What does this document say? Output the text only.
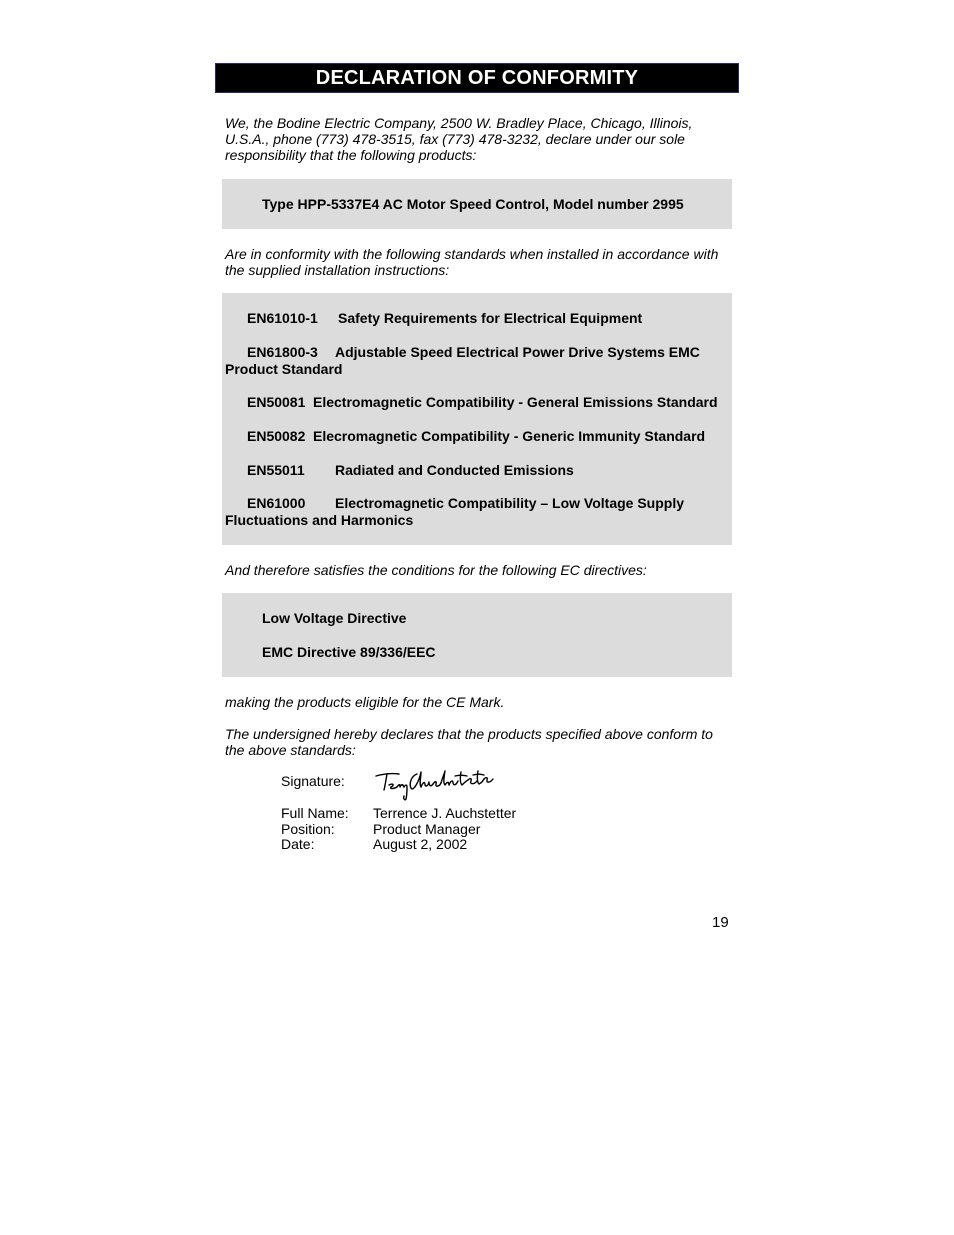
DECLARATION OF CONFORMITY

We, the Bodine Electric Company, 2500 W. Bradley Place, Chicago, Illinois, U.S.A., phone (773) 478-3515, fax (773) 478-3232, declare under our sole responsibility that the following products:

Type HPP-5337E4 AC Motor Speed Control, Model number 2995

Are in conformity with the following standards when installed in accordance with the supplied installation instructions:

EN61010-1 Safety Requirements for Electrical Equipment
EN61800-3 Adjustable Speed Electrical Power Drive Systems EMC
Product Standard
EN50081 Electromagnetic Compatibility - General Emissions Standard
EN50082 Elecromagnetic Compatibility - Generic Immunity Standard
EN55011 Radiated and Conducted Emissions
EN61000 Electromagnetic Compatibility – Low Voltage Supply
Fluctuations and Harmonics

And therefore satisfies the conditions for the following EC directives:

Low Voltage Directive
EMC Directive 89/336/EEC

making the products eligible for the CE Mark.

The undersigned hereby declares that the products specified above conform to the above standards:

Signature:
Full Name: Terrence J. Auchstetter
Position:	Product Manager
Date:	August 2, 2002
19
